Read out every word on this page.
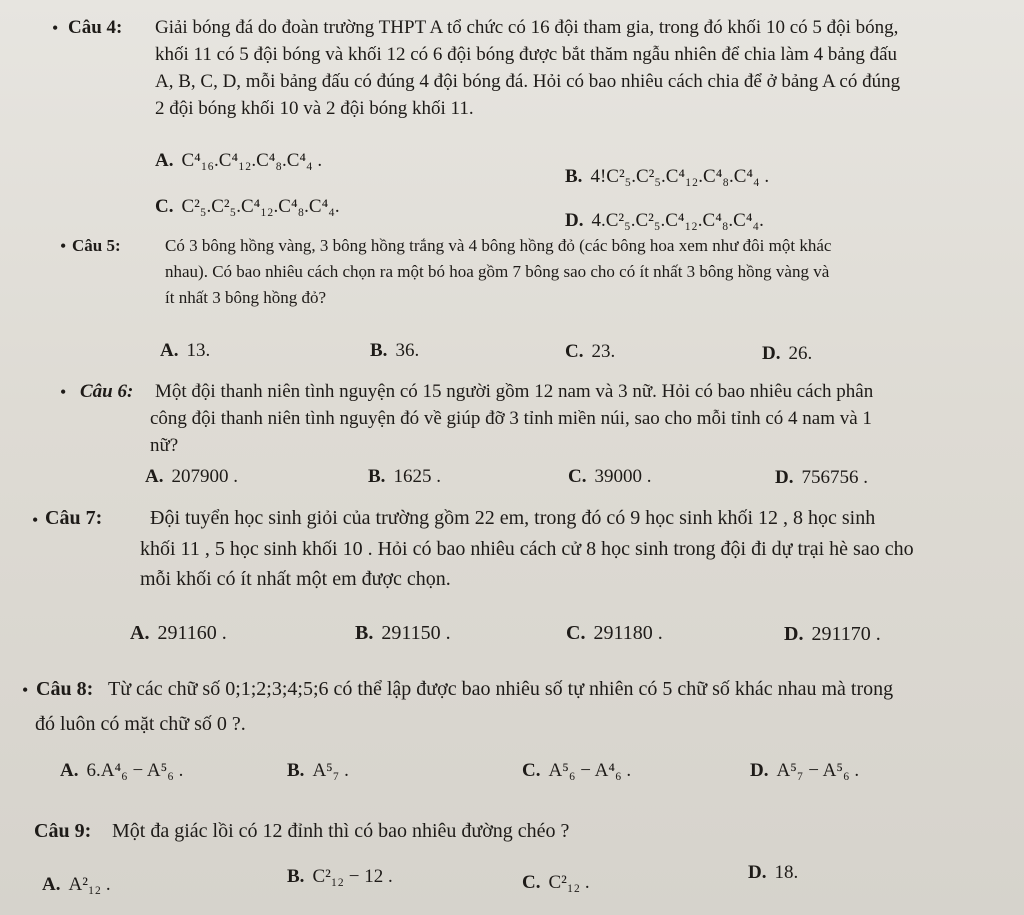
• Câu 4: Giải bóng đá do đoàn trường THPT A tổ chức có 16 đội tham gia, trong đó khối 10 có 5 đội bóng,
khối 11 có 5 đội bóng và khối 12 có 6 đội bóng được bắt thăm ngẫu nhiên để chia làm 4 bảng đấu
A, B, C, D, mỗi bảng đấu có đúng 4 đội bóng đá. Hỏi có bao nhiêu cách chia để ở bảng A có đúng
2 đội bóng khối 10 và 2 đội bóng khối 11.
A. C⁴₁₆.C⁴₁₂.C⁴₈.C⁴₄ .
B. 4!C²₅.C²₅.C⁴₁₂.C⁴₈.C⁴₄ .
C. C²₅.C²₅.C⁴₁₂.C⁴₈.C⁴₄.
D. 4.C²₅.C²₅.C⁴₁₂.C⁴₈.C⁴₄.
• Câu 5:	Có 3 bông hồng vàng, 3 bông hồng trắng và 4 bông hồng đỏ (các bông hoa xem như đôi một khác
nhau). Có bao nhiêu cách chọn ra một bó hoa gồm 7 bông sao cho có ít nhất 3 bông hồng vàng và
ít nhất 3 bông hồng đỏ?
A. 13.	B. 36.	C. 23.	D. 26.
• Câu 6: Một đội thanh niên tình nguyện có 15 người gồm 12 nam và 3 nữ. Hỏi có bao nhiêu cách phân
công đội thanh niên tình nguyện đó về giúp đỡ 3 tỉnh miền núi, sao cho mỗi tỉnh có 4 nam và 1
nữ?
A. 207900 .	B. 1625 .	C. 39000 .	D. 756756 .
• Câu 7: Đội tuyển học sinh giỏi của trường gồm 22 em, trong đó có 9 học sinh khối 12 , 8 học sinh
khối 11 , 5 học sinh khối 10 . Hỏi có bao nhiêu cách cử 8 học sinh trong đội đi dự trại hè sao cho
mỗi khối có ít nhất một em được chọn.
A. 291160 .	B. 291150 .	C. 291180 .	D. 291170 .
• Câu 8: Từ các chữ số 0;1;2;3;4;5;6 có thể lập được bao nhiêu số tự nhiên có 5 chữ số khác nhau mà trong
đó luôn có mặt chữ số 0 ?.
A. 6.A⁴₆ − A⁵₆ .	B. A⁵₇ .	C. A⁵₆ − A⁴₆ .	D. A⁵₇ − A⁵₆ .
Câu 9: Một đa giác lồi có 12 đỉnh thì có bao nhiêu đường chéo ?
A. A²₁₂ .	B. C²₁₂ − 12 .	C. C²₁₂ .	D. 18.
